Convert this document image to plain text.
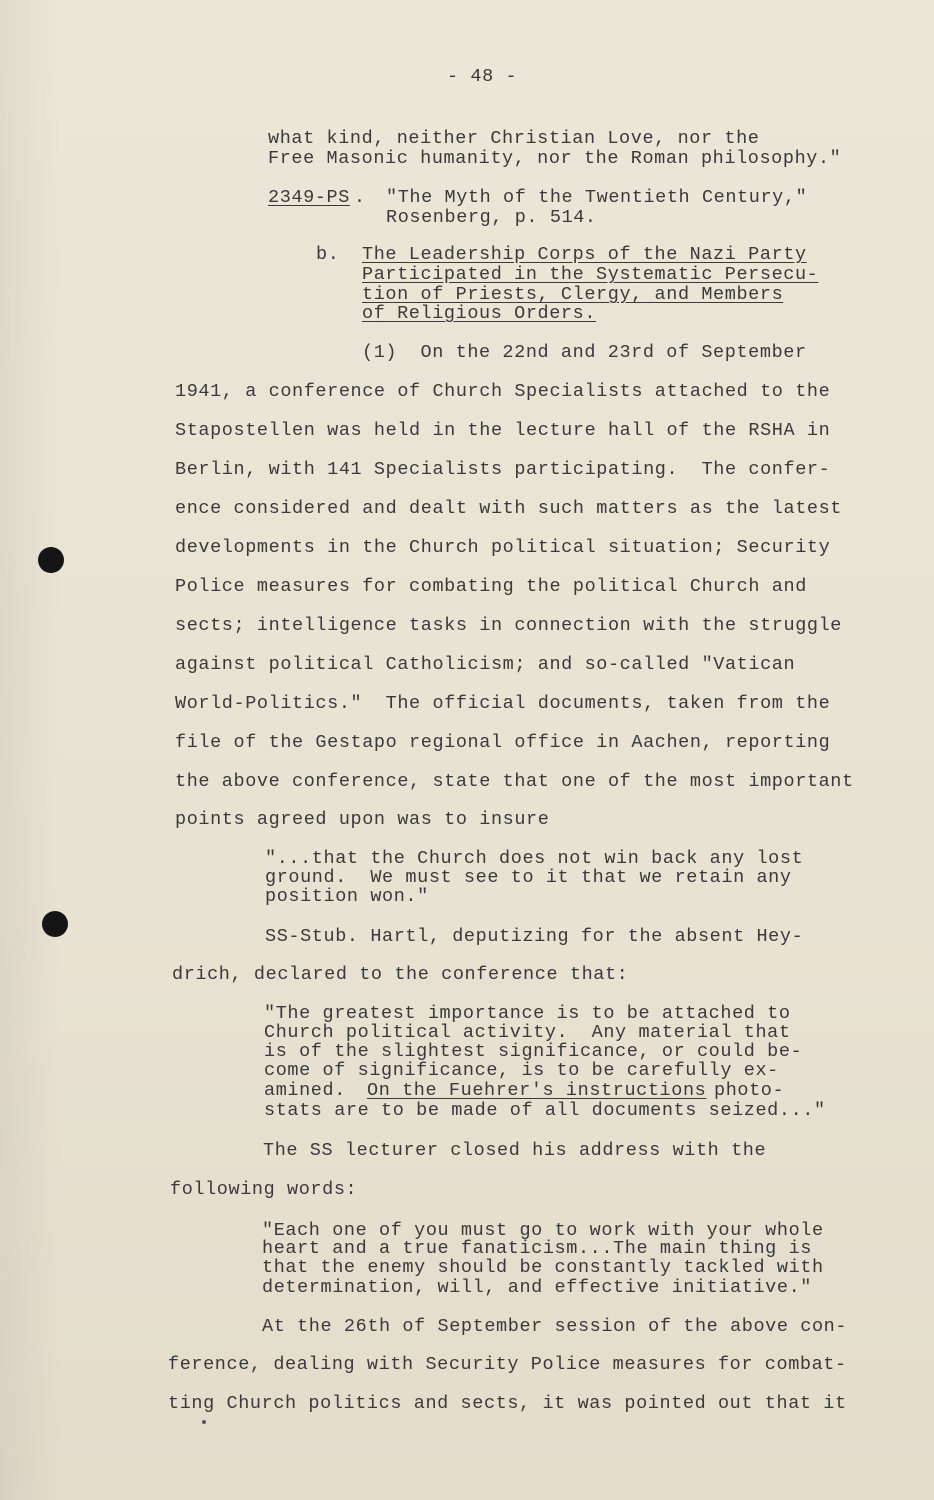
- 48 -
what kind, neither Christian Love, nor the
Free Masonic humanity, nor the Roman philosophy."
2349-PS . "The Myth of the Twentieth Century,"
Rosenberg, p. 514.
b. The Leadership Corps of the Nazi Party
Participated in the Systematic Persecu-
tion of Priests, Clergy, and Members
of Religious Orders.
(1)  On the 22nd and 23rd of September
1941, a conference of Church Specialists attached to the
Stapostellen was held in the lecture hall of the RSHA in
Berlin, with 141 Specialists participating.  The confer-
ence considered and dealt with such matters as the latest
developments in the Church political situation; Security
Police measures for combating the political Church and
sects; intelligence tasks in connection with the struggle
against political Catholicism; and so-called "Vatican
World-Politics."  The official documents, taken from the
file of the Gestapo regional office in Aachen, reporting
the above conference, state that one of the most important
points agreed upon was to insure
"...that the Church does not win back any lost
ground.  We must see to it that we retain any
position won."
SS-Stub. Hartl, deputizing for the absent Hey-
drich, declared to the conference that:
"The greatest importance is to be attached to
Church political activity.  Any material that
is of the slightest significance, or could be-
come of significance, is to be carefully ex-
amined. On the Fuehrer's instructions photo-
stats are to be made of all documents seized..."
The SS lecturer closed his address with the
following words:
"Each one of you must go to work with your whole
heart and a true fanaticism...The main thing is
that the enemy should be constantly tackled with
determination, will, and effective initiative."
At the 26th of September session of the above con-
ference, dealing with Security Police measures for combat-
ting Church politics and sects, it was pointed out that it
